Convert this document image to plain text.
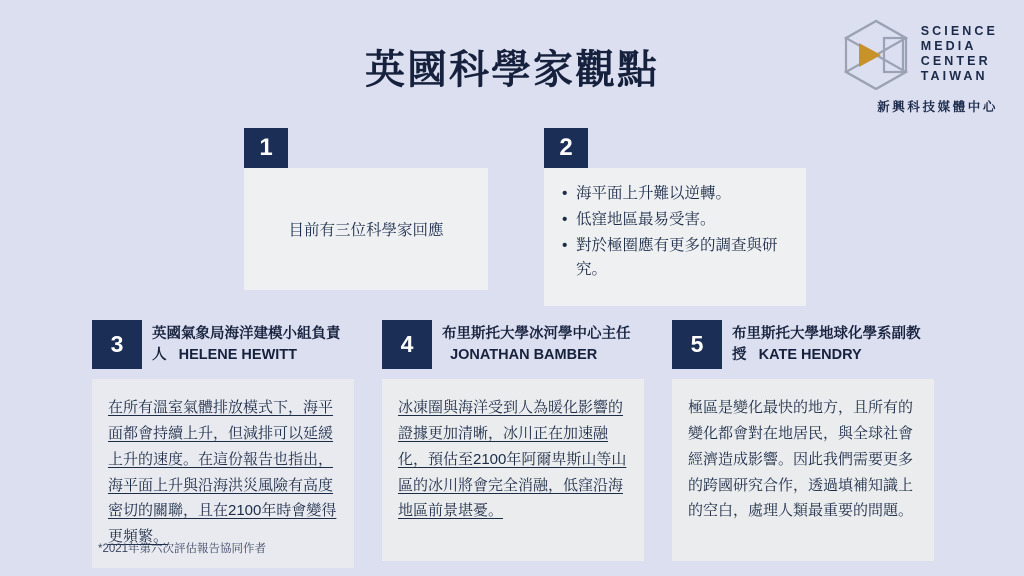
SCIENCE
MEDIA
CENTER
TAIWAN
新興科技媒體中心
英國科學家觀點
1
目前有三位科學家回應
2
• 海平面上升難以逆轉。
• 低窪地區最易受害。
• 對於極圈應有更多的調查與研究。
3	英國氣象局海洋建模小組負責人 HELENE HEWITT
在所有溫室氣體排放模式下，海平面都會持續上升，但減排可以延緩上升的速度。在這份報告也指出，海平面上升與沿海洪災風險有高度密切的關聯，且在2100年時會變得更頻繁。
4	布里斯托大學冰河學中心主任   JONATHAN BAMBER
冰凍圈與海洋受到人為暖化影響的證據更加清晰，冰川正在加速融化，預估至2100年阿爾卑斯山等山區的冰川將會完全消融，低窪沿海地區前景堪憂。
5	布里斯托大學地球化學系副教授 KATE HENDRY
極區是變化最快的地方，且所有的變化都會對在地居民，與全球社會經濟造成影響。因此我們需要更多的跨國研究合作，透過填補知識上的空白，處理人類最重要的問題。
*2021年第六次評估報告協同作者
